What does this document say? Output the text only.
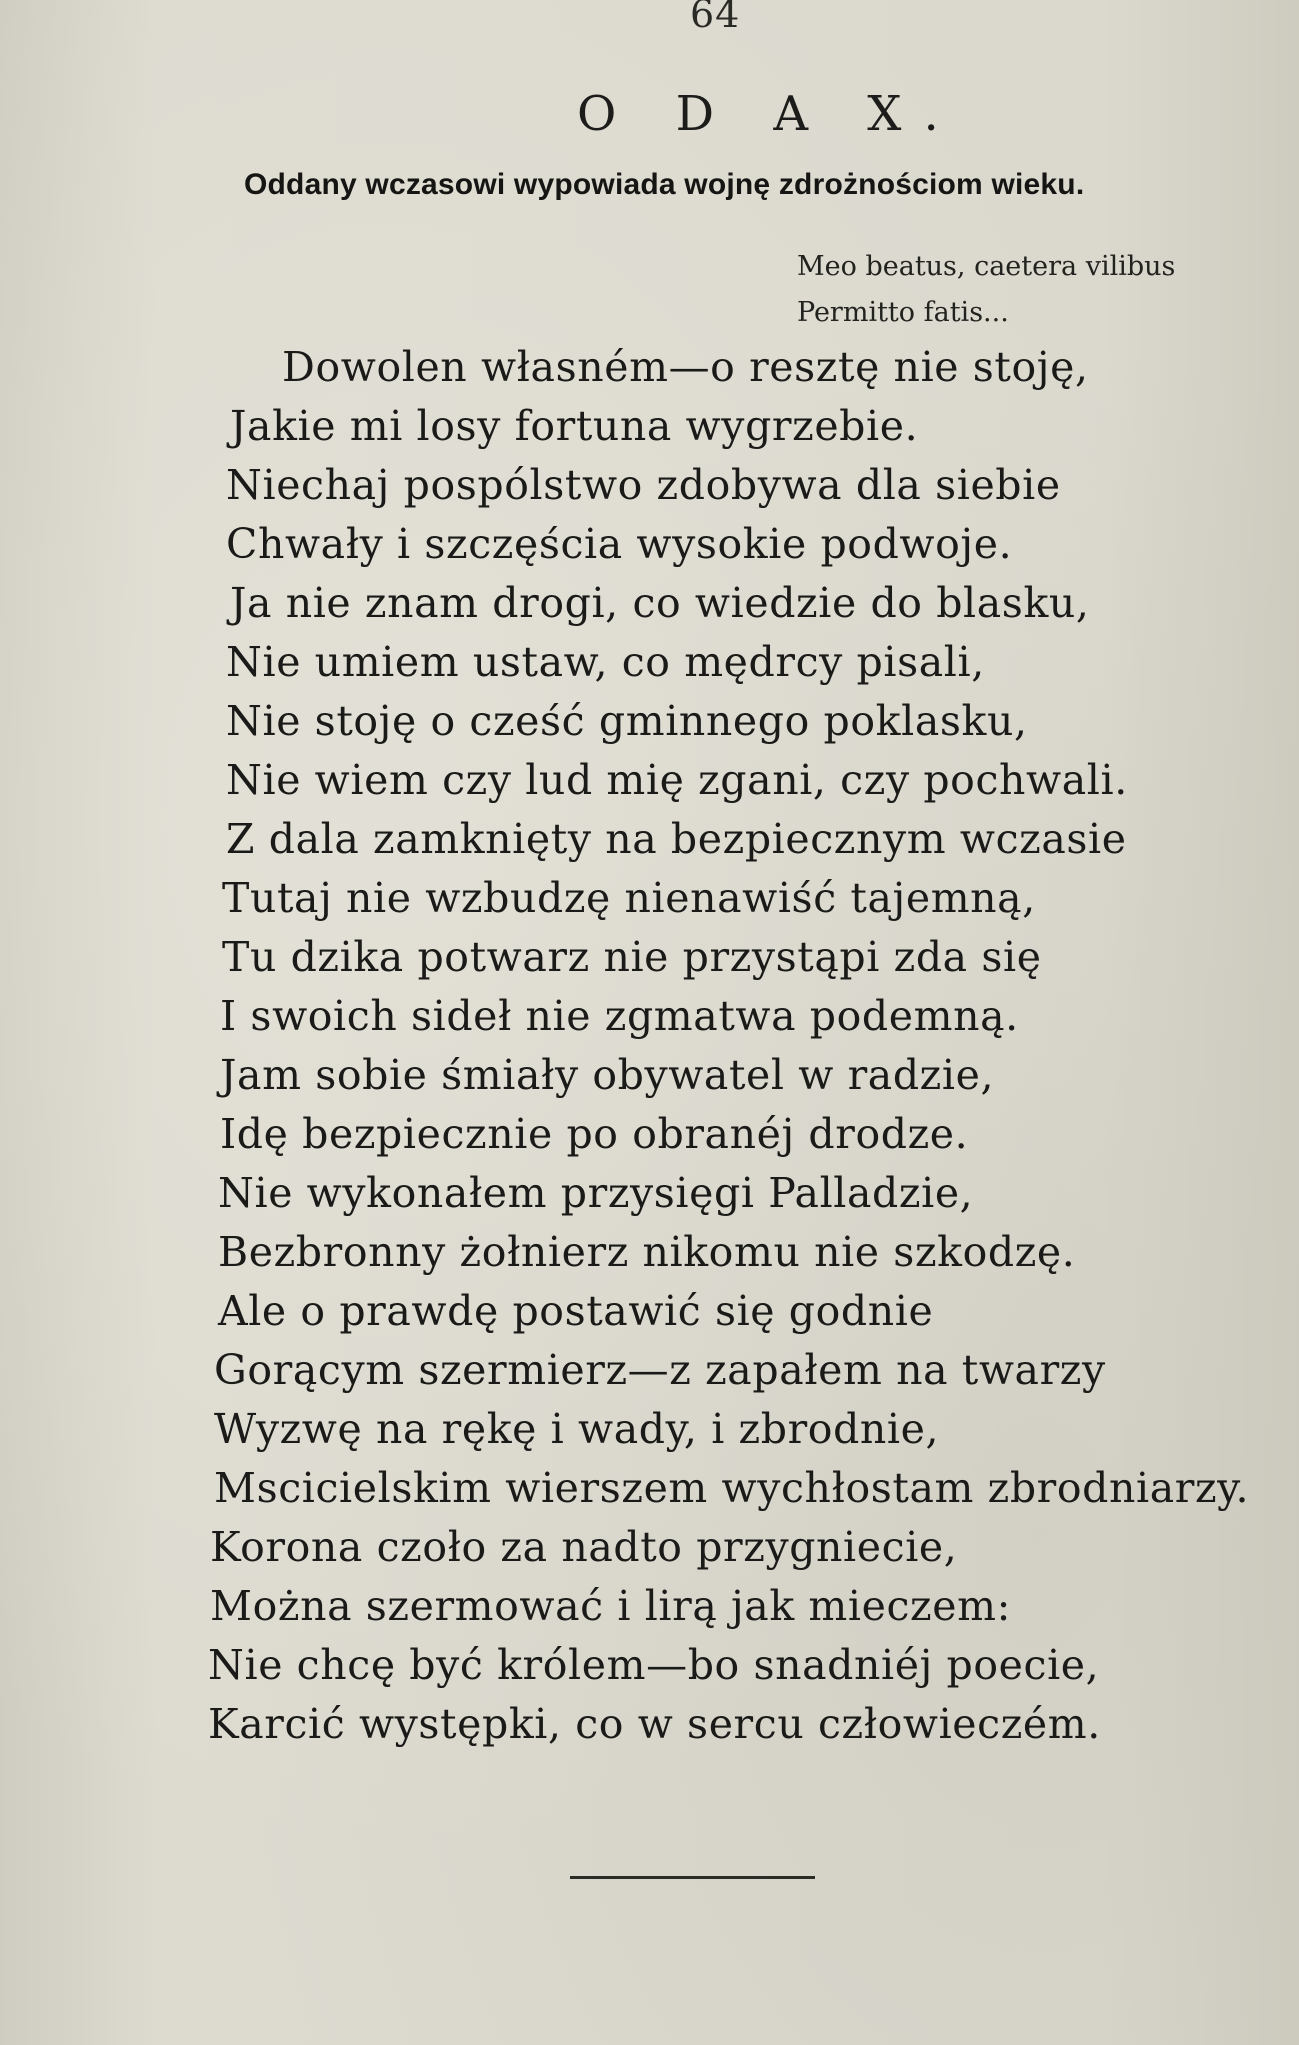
64
O D A X.
Oddany wczasowi wypowiada wojnę zdrożnościom wieku.
Meo beatus, caetera vilibus
Permitto fatis...
Dowolen własném—o resztę nie stoję,
Jakie mi losy fortuna wygrzebie.
Niechaj pospólstwo zdobywa dla siebie
Chwały i szczęścia wysokie podwoje.
Ja nie znam drogi, co wiedzie do blasku,
Nie umiem ustaw, co mędrcy pisali,
Nie stoję o cześć gminnego poklasku,
Nie wiem czy lud mię zgani, czy pochwali.
Z dala zamknięty na bezpiecznym wczasie
Tutaj nie wzbudzę nienawiść tajemną,
Tu dzika potwarz nie przystąpi zda się
I swoich sideł nie zgmatwa podemną.
Jam sobie śmiały obywatel w radzie,
Idę bezpiecznie po obranéj drodze.
Nie wykonałem przysięgi Palladzie,
Bezbronny żołnierz nikomu nie szkodzę.
Ale o prawdę postawić się godnie
Gorącym szermierz—z zapałem na twarzy
Wyzwę na rękę i wady, i zbrodnie,
Mscicielskim wierszem wychłostam zbrodniarzy.
Korona czoło za nadto przygniecie,
Można szermować i lirą jak mieczem:
Nie chcę być królem—bo snadniéj poecie,
Karcić występki, co w sercu człowieczém.
